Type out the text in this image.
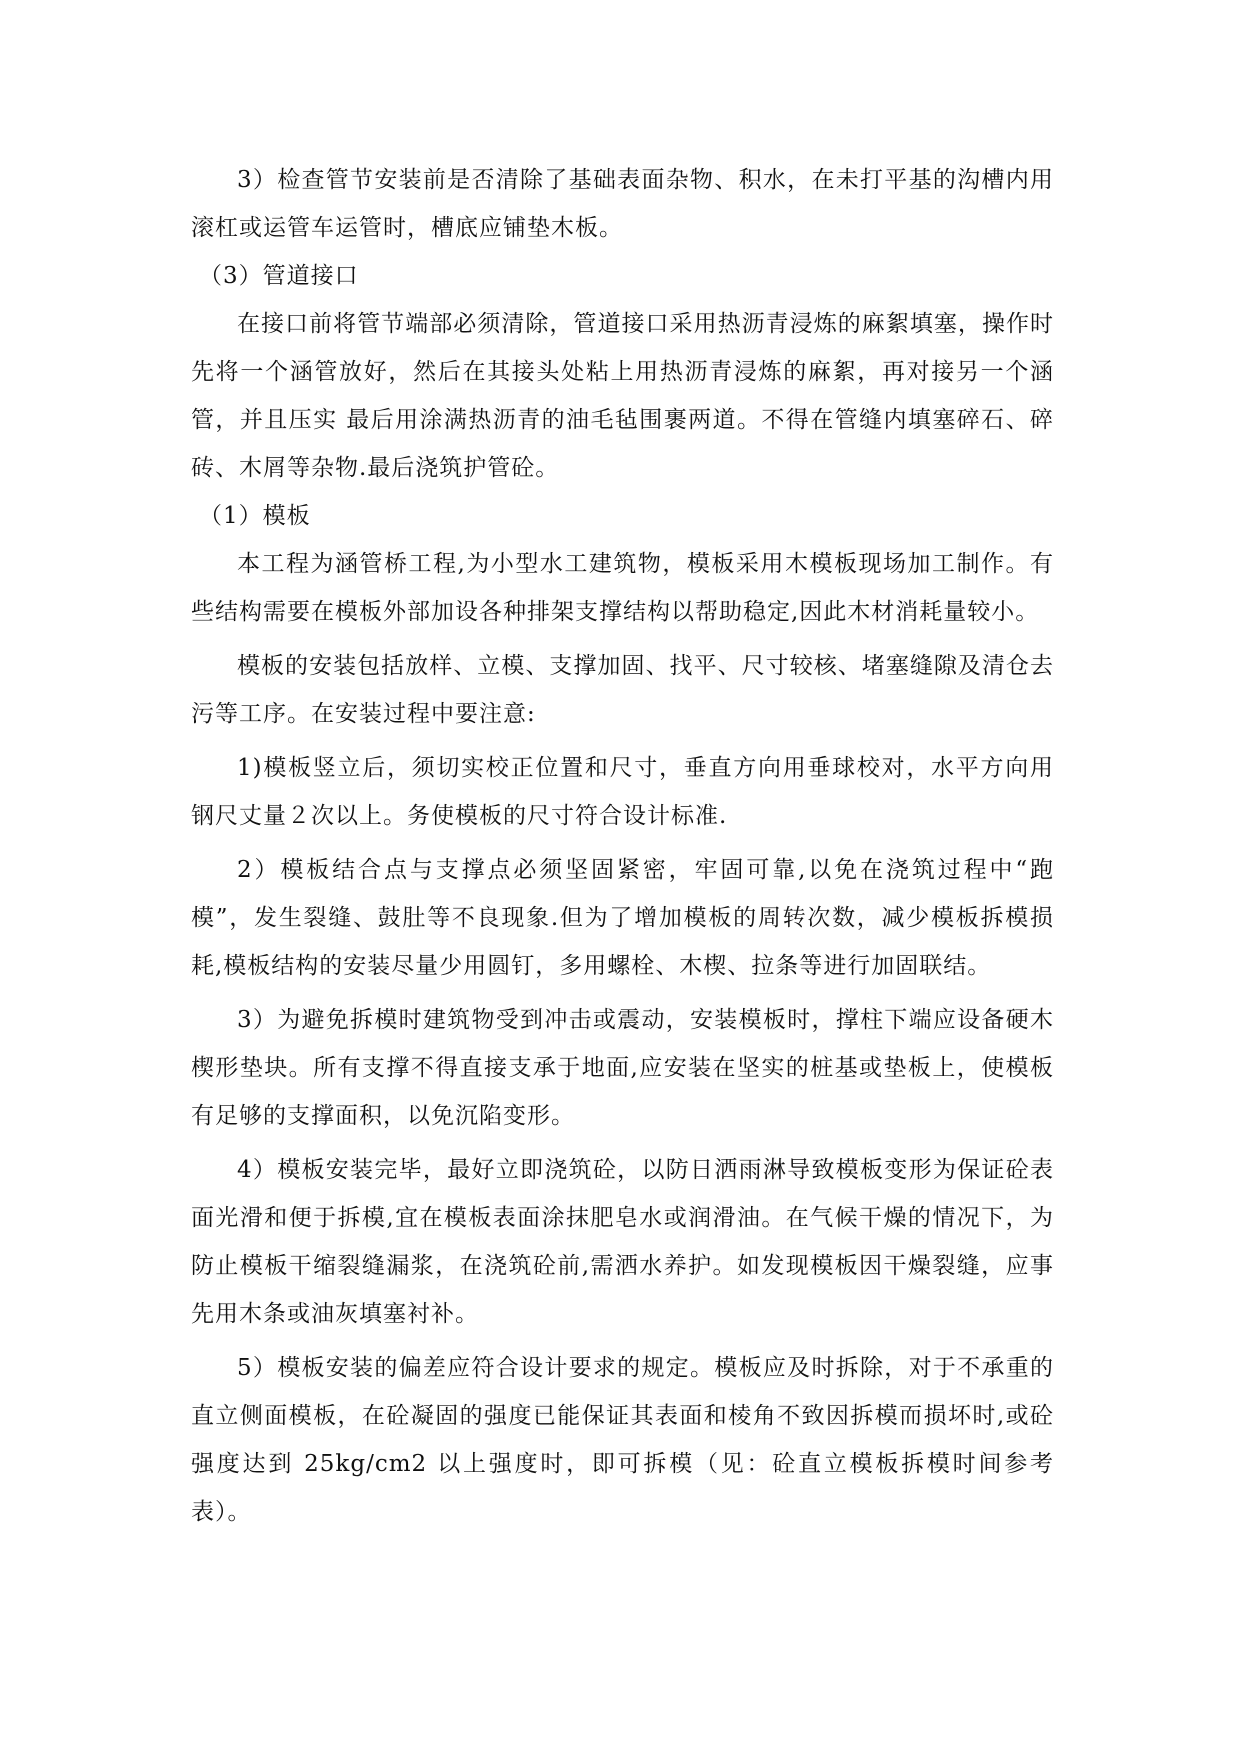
3）检查管节安装前是否清除了基础表面杂物、积水，在未打平基的沟槽内用滚杠或运管车运管时，槽底应铺垫木板。

（3）管道接口

在接口前将管节端部必须清除，管道接口采用热沥青浸炼的麻絮填塞，操作时先将一个涵管放好，然后在其接头处粘上用热沥青浸炼的麻絮，再对接另一个涵管，并且压实 最后用涂满热沥青的油毛毡围裹两道。不得在管缝内填塞碎石、碎砖、木屑等杂物.最后浇筑护管砼。

（1）模板

本工程为涵管桥工程,为小型水工建筑物，模板采用木模板现场加工制作。有些结构需要在模板外部加设各种排架支撑结构以帮助稳定,因此木材消耗量较小。

模板的安装包括放样、立模、支撑加固、找平、尺寸较核、堵塞缝隙及清仓去污等工序。在安装过程中要注意:

1)模板竖立后，须切实校正位置和尺寸，垂直方向用垂球校对，水平方向用钢尺丈量２次以上。务使模板的尺寸符合设计标准.

2）模板结合点与支撑点必须坚固紧密，牢固可靠,以免在浇筑过程中“跑模”，发生裂缝、鼓肚等不良现象.但为了增加模板的周转次数，减少模板拆模损耗,模板结构的安装尽量少用圆钉，多用螺栓、木楔、拉条等进行加固联结。

3）为避免拆模时建筑物受到冲击或震动，安装模板时，撑柱下端应设备硬木楔形垫块。所有支撑不得直接支承于地面,应安装在坚实的桩基或垫板上，使模板有足够的支撑面积，以免沉陷变形。

4）模板安装完毕，最好立即浇筑砼，以防日洒雨淋导致模板变形为保证砼表面光滑和便于拆模,宜在模板表面涂抹肥皂水或润滑油。在气候干燥的情况下，为防止模板干缩裂缝漏浆，在浇筑砼前,需洒水养护。如发现模板因干燥裂缝，应事先用木条或油灰填塞衬补。

5）模板安装的偏差应符合设计要求的规定。模板应及时拆除，对于不承重的直立侧面模板，在砼凝固的强度已能保证其表面和棱角不致因拆模而损坏时,或砼强度达到 25kg/cm2 以上强度时，即可拆模（见：砼直立模板拆模时间参考表）。
